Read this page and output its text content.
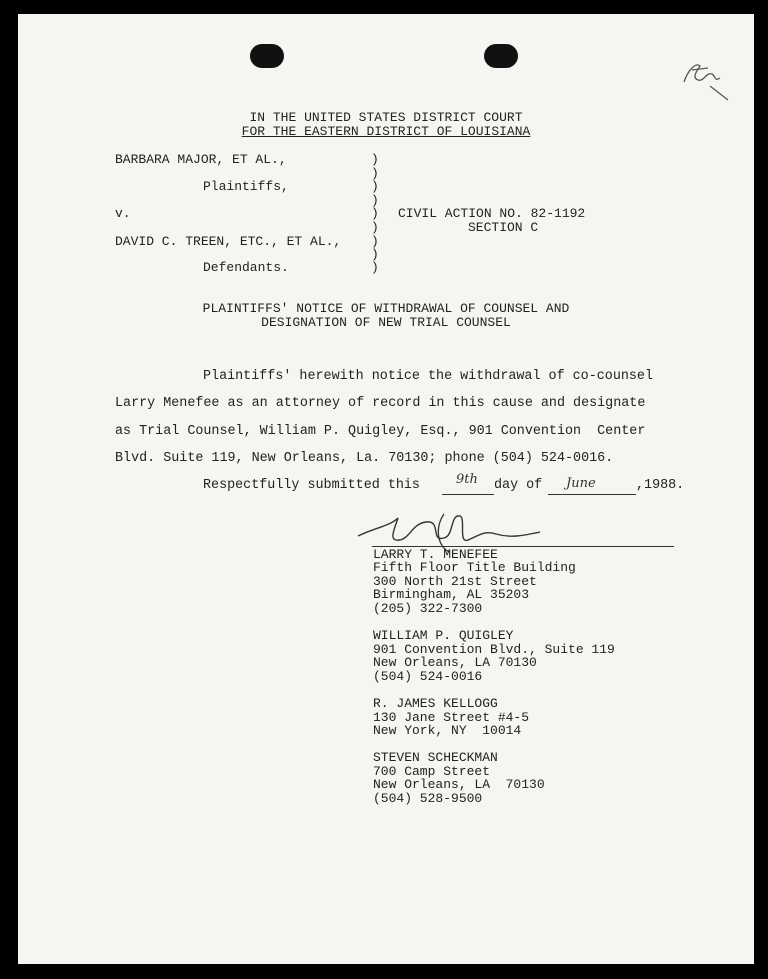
IN THE UNITED STATES DISTRICT COURT
FOR THE EASTERN DISTRICT OF LOUISIANA
BARBARA MAJOR, ET AL.,
Plaintiffs,
v.
DAVID C. TREEN, ETC., ET AL.,
Defendants.
)
)
)
)
)
)
)
)
)
CIVIL ACTION NO. 82-1192
SECTION C
PLAINTIFFS' NOTICE OF WITHDRAWAL OF COUNSEL AND
DESIGNATION OF NEW TRIAL COUNSEL
Plaintiffs' herewith notice the withdrawal of co-counsel
Larry Menefee as an attorney of record in this cause and designate
as Trial Counsel, William P. Quigley, Esq., 901 Convention  Center
Blvd. Suite 119, New Orleans, La. 70130; phone (504) 524-0016.
Respectfully submitted this	9th day of June	,1988.
LARRY T. MENEFEE
Fifth Floor Title Building
300 North 21st Street
Birmingham, AL 35203
(205) 322-7300
WILLIAM P. QUIGLEY
901 Convention Blvd., Suite 119
New Orleans, LA 70130
(504) 524-0016
R. JAMES KELLOGG
130 Jane Street #4-5
New York, NY  10014
STEVEN SCHECKMAN
700 Camp Street
New Orleans, LA  70130
(504) 528-9500
